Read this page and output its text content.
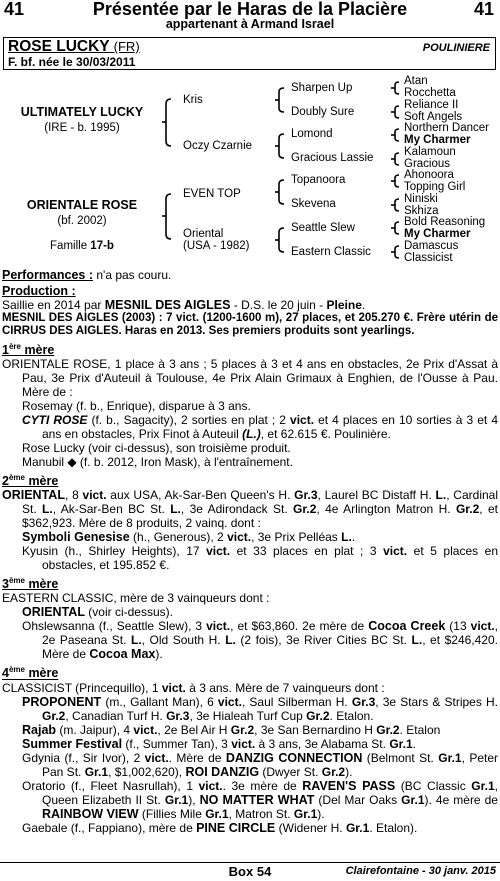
41	Présentée par le Haras de la Placière
appartenant à Armand Israel
41
ROSE LUCKY (FR)	POULINIERE
F. bf. née le 30/03/2011
ULTIMATELY LUCKY
(IRE - b. 1995)
ORIENTALE ROSE
(bf. 2002)
Famille 17-b
Kris
Oczy Czarnie
EVEN TOP
Oriental
(USA - 1982)
Sharpen Up
Doubly Sure
Lomond
Gracious Lassie
Topanoora
Skevena
Seattle Slew
Eastern Classic
Atan
Rocchetta
Reliance II
Soft Angels
Northern Dancer
My Charmer
Kalamoun
Gracious
Ahonoora
Topping Girl
Niniski
Skhiza
Bold Reasoning
My Charmer
Damascus
Classicist

Performances : n'a pas couru.

Production :

Saillie en 2014 par MESNIL DES AIGLES - D.S. le 20 juin - Pleine.

MESNIL DES AIGLES (2003) : 7 vict. (1200-1600 m), 27 places, et 205.270 €. Frère utérin de CIRRUS DES AIGLES. Haras en 2013. Ses premiers produits sont yearlings.

1ère mère

ORIENTALE ROSE, 1 place à 3 ans ; 5 places à 3 et 4 ans en obstacles, 2e Prix d'Assat à Pau, 3e Prix d'Auteuil à Toulouse, 4e Prix Alain Grimaux à Enghien, de l'Ousse à Pau. Mère de :

Rosemay (f. b., Enrique), disparue à 3 ans.

CYTI ROSE (f. b., Sagacity), 2 sorties en plat ; 2 vict. et 4 places en 10 sorties à 3 et 4 ans en obstacles, Prix Finot à Auteuil (L.), et 62.615 €. Poulinière.

Rose Lucky (voir ci-dessus), son troisième produit.

Manubil ◆ (f. b. 2012, Iron Mask), à l'entraînement.

2ème mère

ORIENTAL, 8 vict. aux USA, Ak-Sar-Ben Queen's H. Gr.3, Laurel BC Distaff H. L., Cardinal St. L., Ak-Sar-Ben BC St. L., 3e Adirondack St. Gr.2, 4e Arlington Matron H. Gr.2, et $362,923. Mère de 8 produits, 2 vainq. dont :

Symboli Genesise (h., Generous), 2 vict., 3e Prix Pelléas L..

Kyusin (h., Shirley Heights), 17 vict. et 33 places en plat ; 3 vict. et 5 places en obstacles, et 195.852 €.

3ème mère

EASTERN CLASSIC, mère de 3 vainqueurs dont :

ORIENTAL (voir ci-dessus).

Ohslewsanna (f., Seattle Slew), 3 vict., et $63,860. 2e mère de Cocoa Creek (13 vict., 2e Paseana St. L., Old South H. L. (2 fois), 3e River Cities BC St. L., et $246,420. Mère de Cocoa Max).

4ème mère

CLASSICIST (Princequillo), 1 vict. à 3 ans. Mère de 7 vainqueurs dont :

PROPONENT (m., Gallant Man), 6 vict., Saul Silberman H. Gr.3, 3e Stars & Stripes H. Gr.2, Canadian Turf H. Gr.3, 3e Hialeah Turf Cup Gr.2. Etalon.

Rajab (m. Jaipur), 4 vict., 2e Bel Air H Gr.2, 3e San Bernardino H Gr.2. Etalon

Summer Festival (f., Summer Tan), 3 vict. à 3 ans, 3e Alabama St. Gr.1.

Gdynia (f., Sir Ivor), 2 vict.. Mère de DANZIG CONNECTION (Belmont St. Gr.1, Peter Pan St. Gr.1, $1,002,620), ROI DANZIG (Dwyer St. Gr.2).

Oratorio (f., Fleet Nasrullah), 1 vict.. 3e mère de RAVEN'S PASS (BC Classic Gr.1, Queen Elizabeth II St. Gr.1), NO MATTER WHAT (Del Mar Oaks Gr.1). 4e mère de RAINBOW VIEW (Fillies Mile Gr.1, Matron St. Gr.1).

Gaebale (f., Fappiano), mère de PINE CIRCLE (Widener H. Gr.1. Etalon).

Box 54	Clairefontaine - 30 janv. 2015
